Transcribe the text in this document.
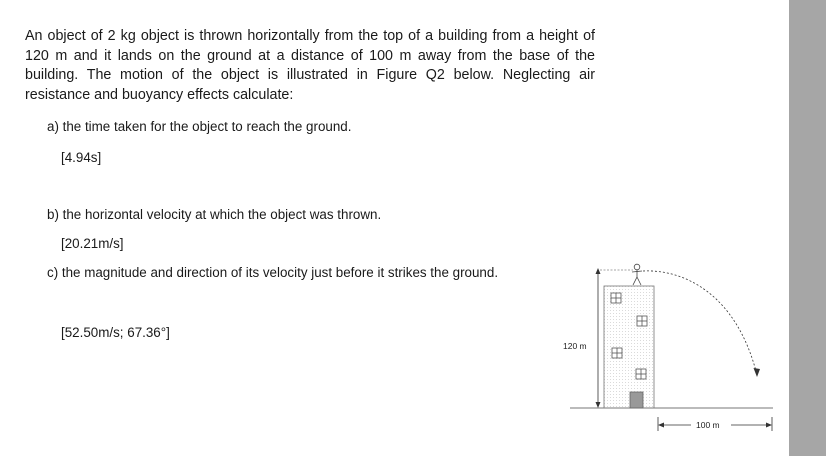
An object of 2 kg object is thrown horizontally from the top of a building from a height of 120 m and it lands on the ground at a distance of 100 m away from the base of the building. The motion of the object is illustrated in Figure Q2 below. Neglecting air resistance and buoyancy effects calculate:

a) the time taken for the object to reach the ground.

[4.94s]

b) the horizontal velocity at which the object was thrown.

[20.21m/s]

c) the magnitude and direction of its velocity just before it strikes the ground.

[52.50m/s; 67.36°]

120 m
100 m
